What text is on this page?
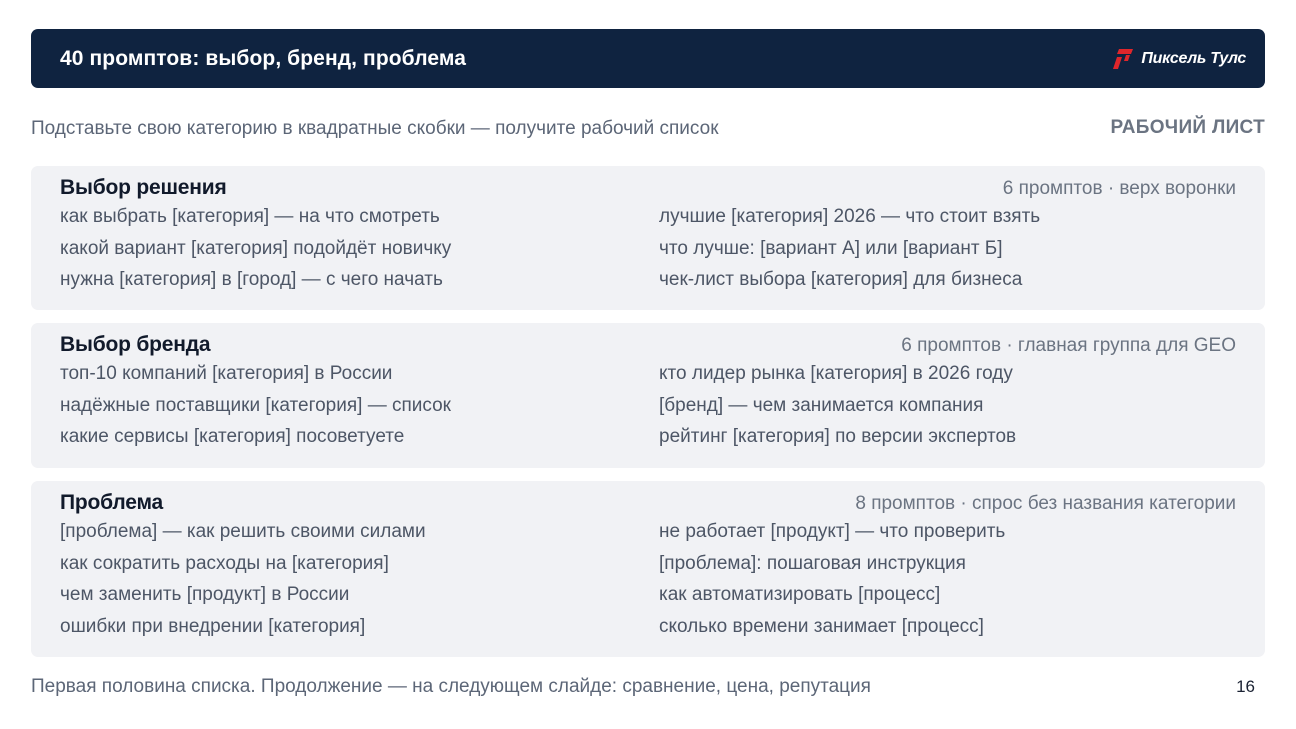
40 промптов: выбор, бренд, проблема	Пиксель Тулс
Подставьте свою категорию в квадратные скобки — получите рабочий список	РАБОЧИЙ ЛИСТ
Выбор решения	6 промптов · верх воронки
как выбрать [категория] — на что смотреть
какой вариант [категория] подойдёт новичку
нужна [категория] в [город] — с чего начать
лучшие [категория] 2026 — что стоит взять
что лучше: [вариант А] или [вариант Б]
чек-лист выбора [категория] для бизнеса
Выбор бренда	6 промптов · главная группа для GEO
топ-10 компаний [категория] в России
надёжные поставщики [категория] — список
какие сервисы [категория] посоветуете
кто лидер рынка [категория] в 2026 году
[бренд] — чем занимается компания
рейтинг [категория] по версии экспертов
Проблема	8 промптов · спрос без названия категории
[проблема] — как решить своими силами
как сократить расходы на [категория]
чем заменить [продукт] в России
ошибки при внедрении [категория]
не работает [продукт] — что проверить
[проблема]: пошаговая инструкция
как автоматизировать [процесс]
сколько времени занимает [процесс]
Первая половина списка. Продолжение — на следующем слайде: сравнение, цена, репутация	16
